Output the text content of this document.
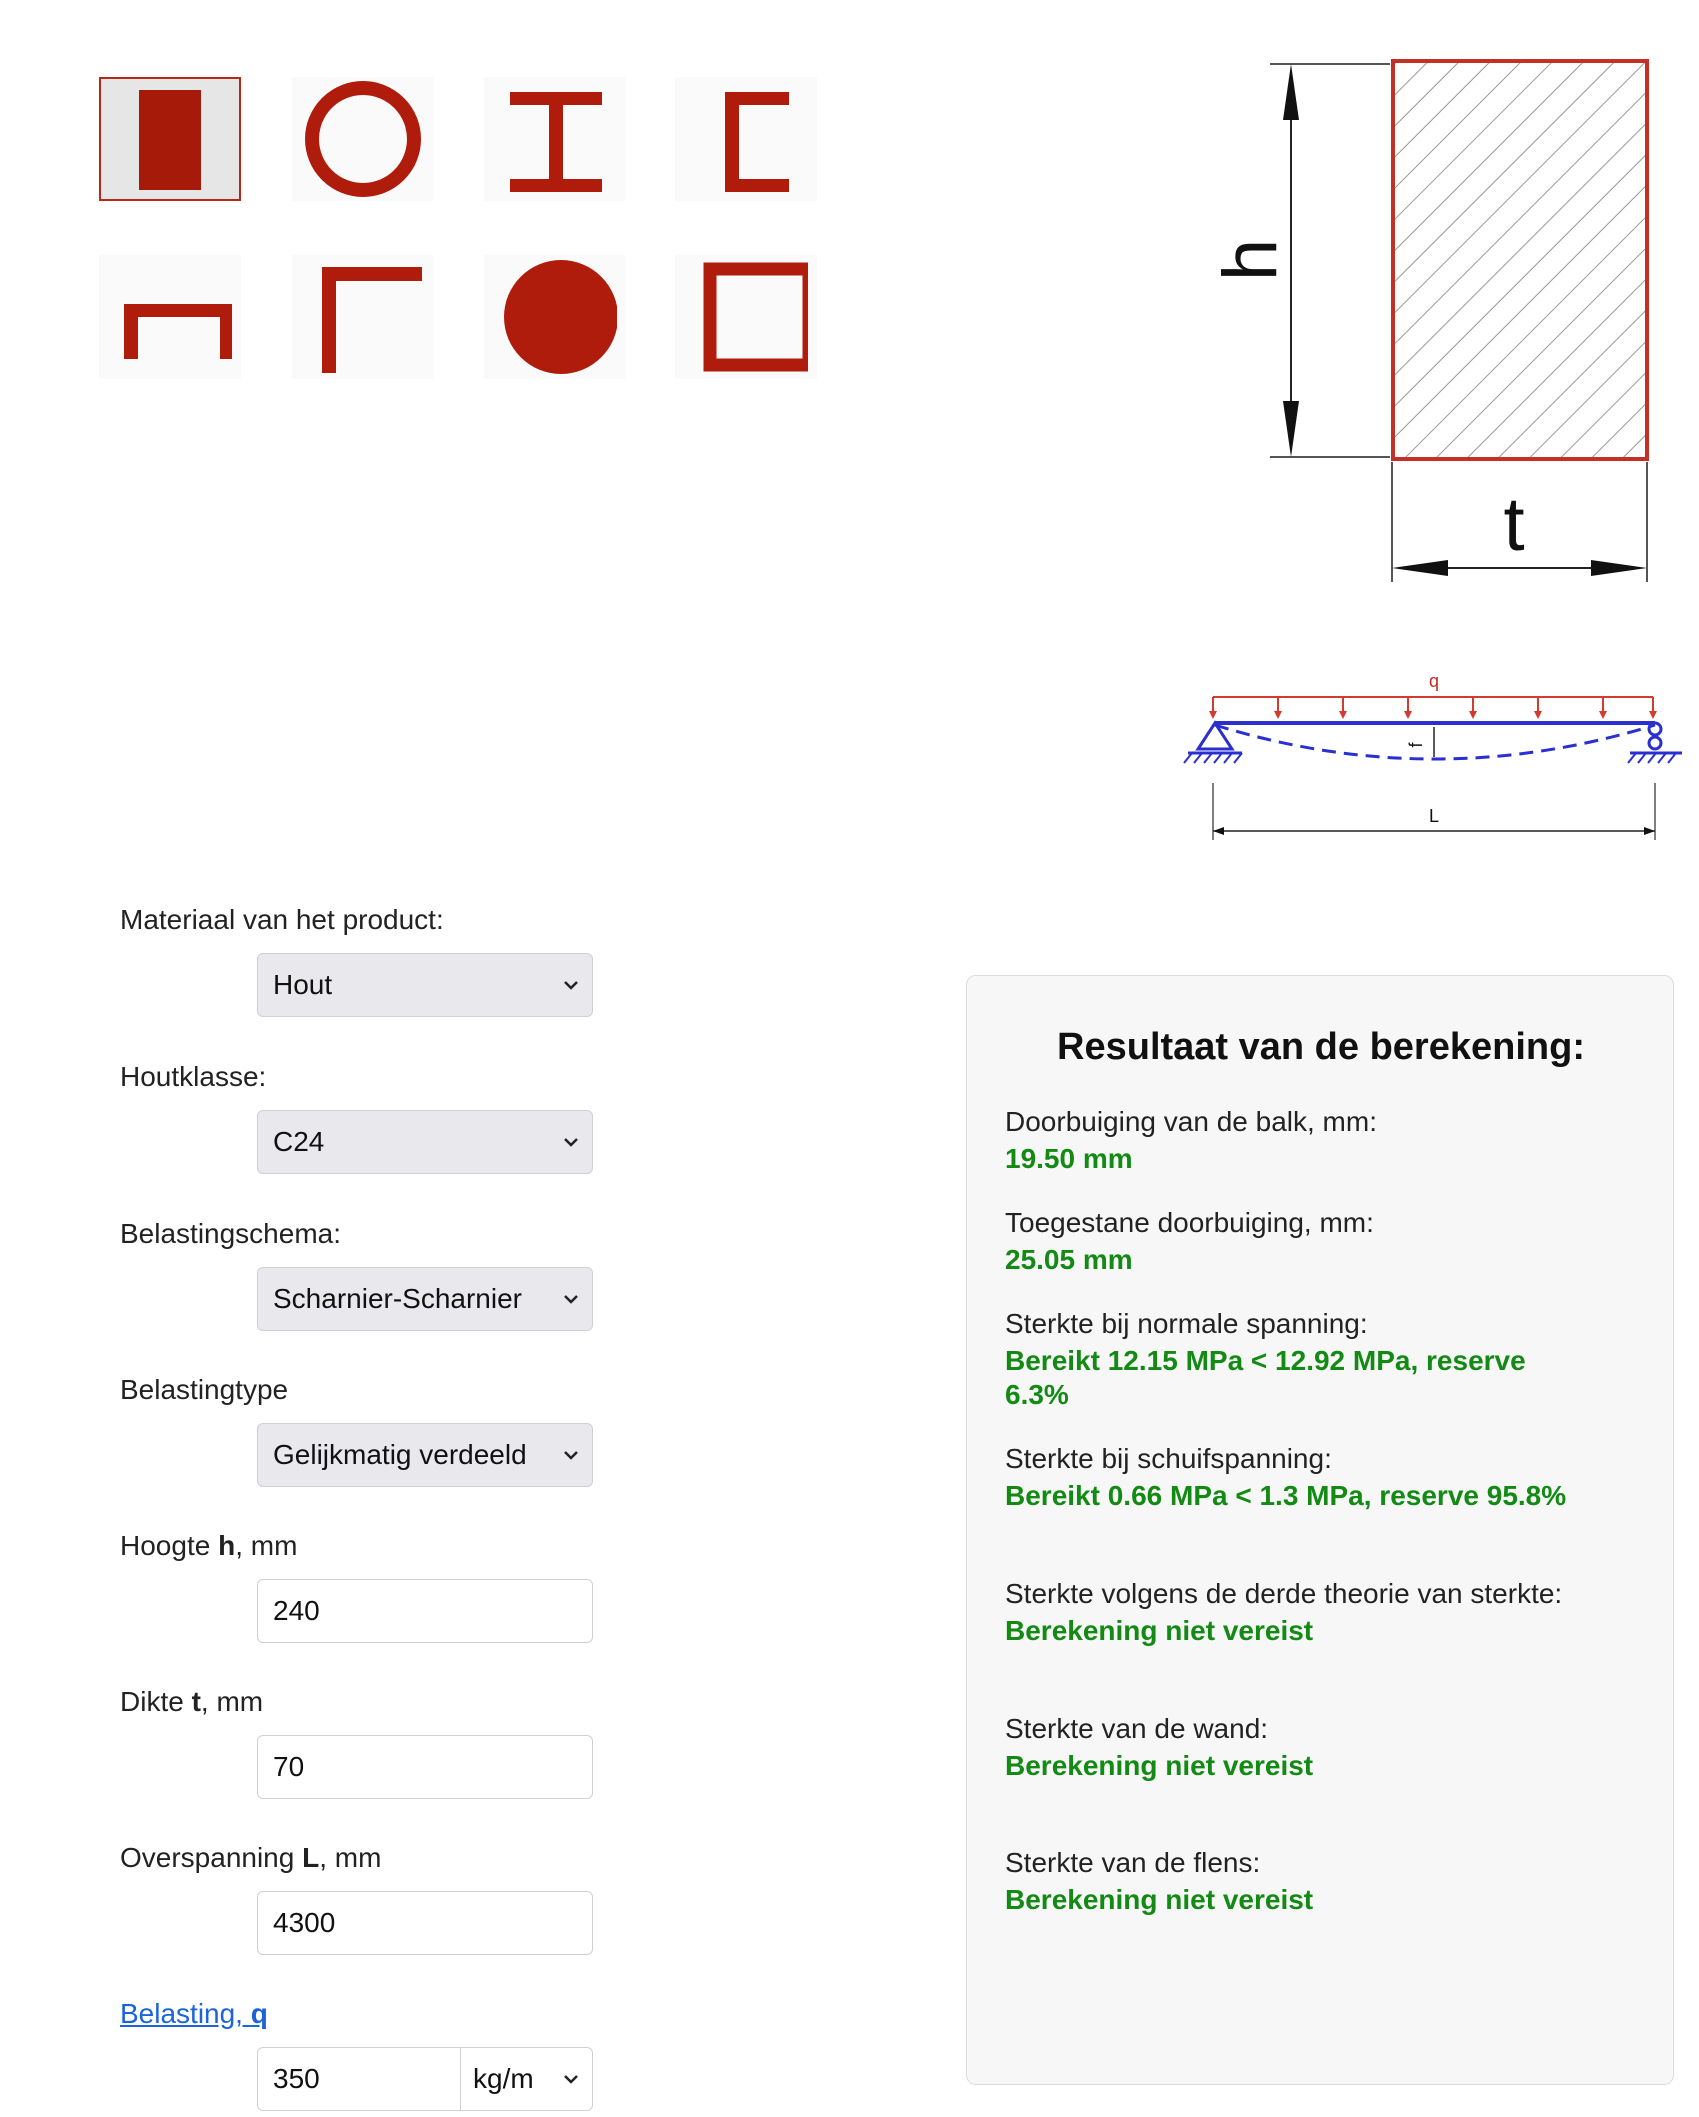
h
t
q
f
L
Materiaal van het product:
Hout
Houtklasse:
C24
Belastingschema:
Scharnier-Scharnier
Belastingtype
Gelijkmatig verdeeld
Hoogte h, mm
240
Dikte t, mm
70
Overspanning L, mm
4300
Belasting, q
350	kg/m
Resultaat van de berekening:
Doorbuiging van de balk, mm:
19.50 mm
Toegestane doorbuiging, mm:
25.05 mm
Sterkte bij normale spanning:
Bereikt 12.15 MPa < 12.92 MPa, reserve 6.3%
Sterkte bij schuifspanning:
Bereikt 0.66 MPa < 1.3 MPa, reserve 95.8%
Sterkte volgens de derde theorie van sterkte:
Berekening niet vereist
Sterkte van de wand:
Berekening niet vereist
Sterkte van de flens:
Berekening niet vereist
